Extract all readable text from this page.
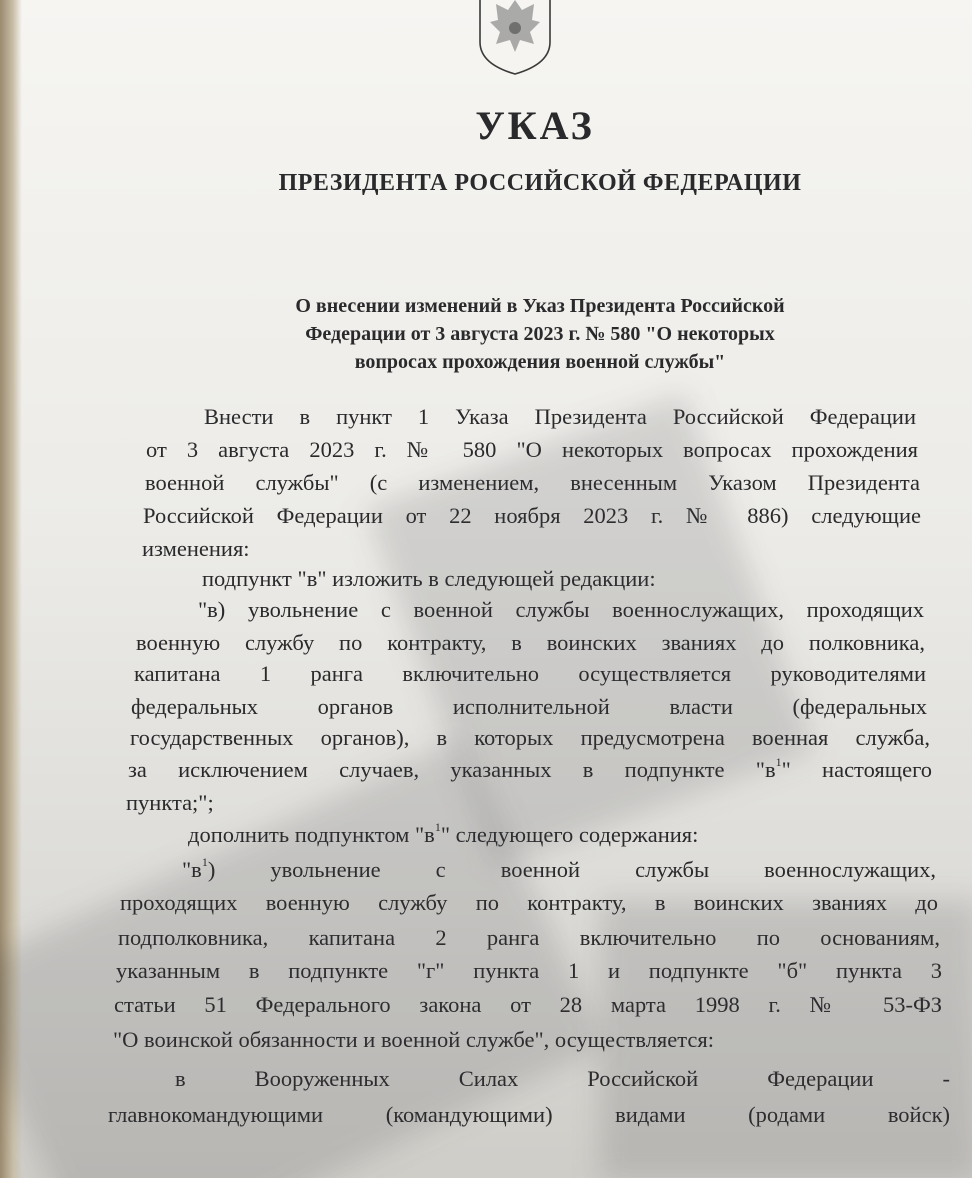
УКАЗ
ПРЕЗИДЕНТА РОССИЙСКОЙ ФЕДЕРАЦИИ
О внесении изменений в Указ Президента Российской
Федерации от 3 августа 2023 г. № 580 "О некоторых
вопросах прохождения военной службы"
Внести в пункт 1 Указа Президента Российской Федерации
от 3 августа 2023 г. № 580 "О некоторых вопросах прохождения
военной службы" (с изменением, внесенным Указом Президента
Российской Федерации от 22 ноября 2023 г. № 886) следующие
изменения:
подпункт "в" изложить в следующей редакции:
"в) увольнение с военной службы военнослужащих, проходящих
военную службу по контракту, в воинских званиях до полковника,
капитана 1 ранга включительно осуществляется руководителями
федеральных органов исполнительной власти (федеральных
государственных органов), в которых предусмотрена военная служба,
за исключением случаев, указанных в подпункте "$в^1$" настоящего
пункта;";
дополнить подпунктом "$в^1$" следующего содержания:
"$в^1$) увольнение с военной службы военнослужащих,
проходящих военную службу по контракту, в воинских званиях до
подполковника, капитана 2 ранга включительно по основаниям,
указанным в подпункте "г" пункта 1 и подпункте "б" пункта 3
статьи 51 Федерального закона от 28 марта 1998 г. № 53-ФЗ
"О воинской обязанности и военной службе", осуществляется:
в Вооруженных Силах Российской Федерации -
главнокомандующими (командующими) видами (родами войск)
